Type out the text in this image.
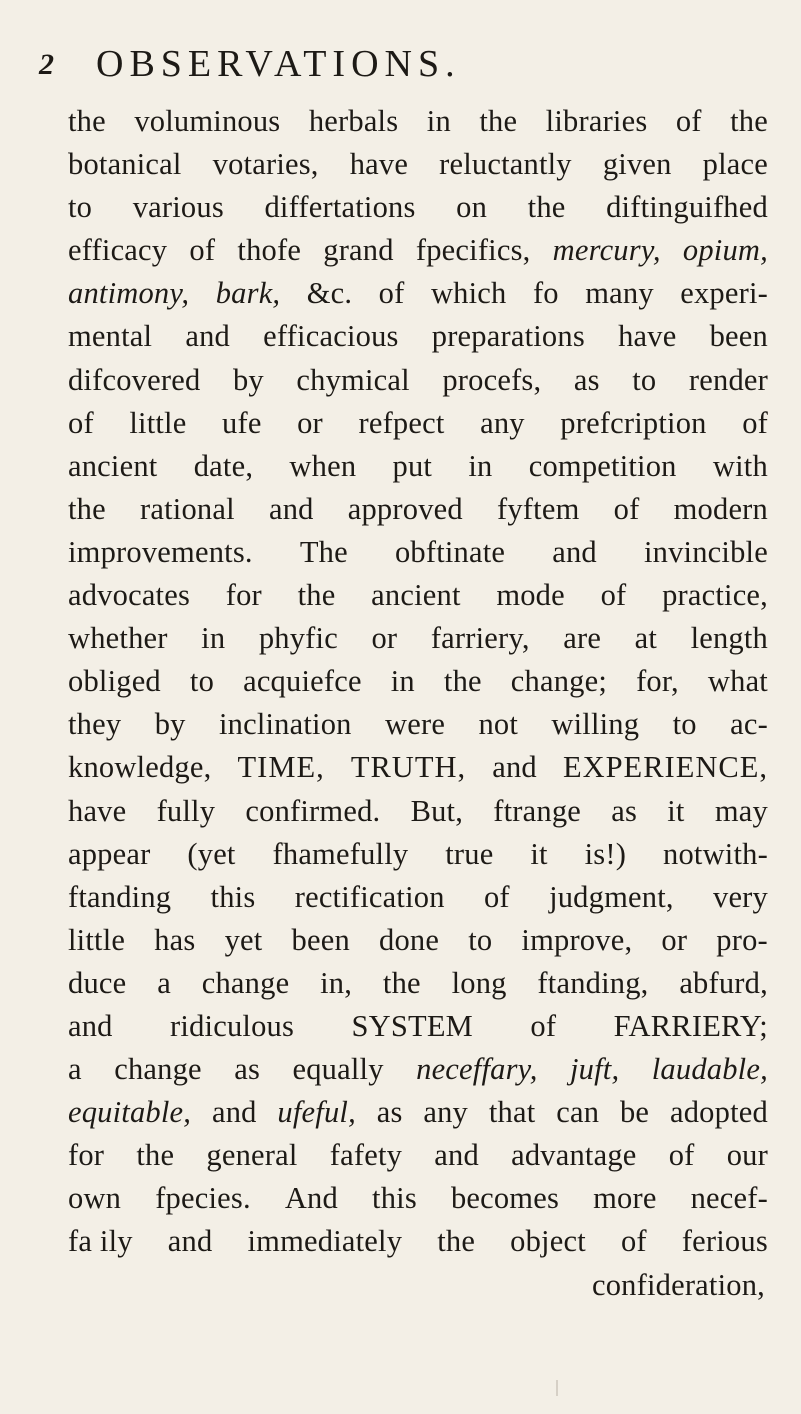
2 OBSERVATIONS.
the voluminous herbals in the libraries of the
botanical votaries, have reluctantly given place
to various differtations on the diftinguifhed
efficacy of thofe grand fpecifics, mercury, opium,
antimony, bark, &c. of which fo many experi-
mental and efficacious preparations have been
difcovered by chymical procefs, as to render
of little ufe or refpect any prefcription of
ancient date, when put in competition with
the rational and approved fyftem of modern
improvements. The obftinate and invincible
advocates for the ancient mode of practice,
whether in phyfic or farriery, are at length
obliged to acquiefce in the change; for, what
they by inclination were not willing to ac-
knowledge, TIME, TRUTH, and EXPERIENCE,
have fully confirmed. But, ftrange as it may
appear (yet fhamefully true it is!) notwith-
ftanding this rectification of judgment, very
little has yet been done to improve, or pro-
duce a change in, the long ftanding, abfurd,
and ridiculous SYSTEM of FARRIERY;
a change as equally neceffary, juft, laudable,
equitable, and ufeful, as any that can be adopted
for the general fafety and advantage of our
own fpecies. And this becomes more necef-
fa ily and immediately the object of ferious
confideration,
